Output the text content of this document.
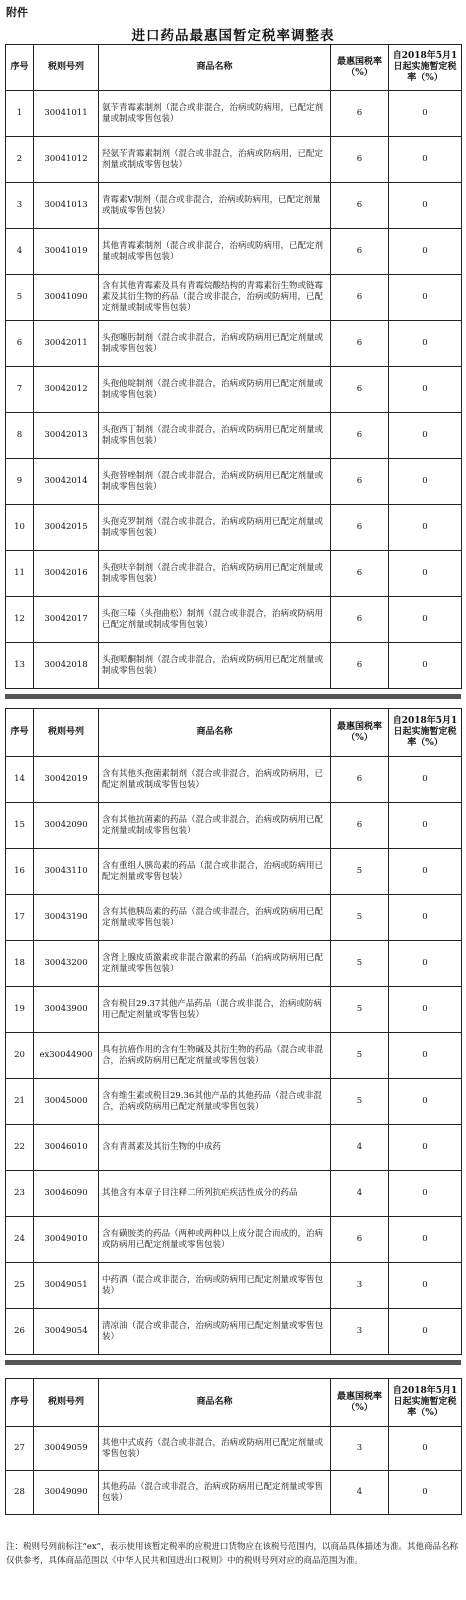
附件
进口药品最惠国暂定税率调整表
序号	税则号列	商品名称	最惠国税率（%）	自2018年5月1日起实施暂定税率（%）
1	30041011	氨苄青霉素制剂（混合或非混合，治病或防病用，已配定剂量或制成零售包装）	6	0
2	30041012	羟氨苄青霉素制剂（混合或非混合，治病或防病用，已配定剂量或制成零售包装）	6	0
3	30041013	青霉素V制剂（混合或非混合，治病或防病用，已配定剂量或制成零售包装）	6	0
4	30041019	其他青霉素制剂（混合或非混合，治病或防病用，已配定剂量或制成零售包装）	6	0
5	30041090	含有其他青霉素及具有青霉烷酸结构的青霉素衍生物或链霉素及其衍生物的药品（混合或非混合，治病或防病用，已配定剂量或制成零售包装）	6	0
6	30042011	头孢噻肟制剂（混合或非混合，治病或防病用已配定剂量或制成零售包装）	6	0
7	30042012	头孢他啶制剂（混合或非混合，治病或防病用已配定剂量或制成零售包装）	6	0
8	30042013	头孢西丁制剂（混合或非混合，治病或防病用已配定剂量或制成零售包装）	6	0
9	30042014	头孢替唑制剂（混合或非混合，治病或防病用已配定剂量或制成零售包装）	6	0
10	30042015	头孢克罗制剂（混合或非混合，治病或防病用已配定剂量或制成零售包装）	6	0
11	30042016	头孢呋辛制剂（混合或非混合，治病或防病用已配定剂量或制成零售包装）	6	0
12	30042017	头孢三嗪（头孢曲松）制剂（混合或非混合，治病或防病用已配定剂量或制成零售包装）	6	0
13	30042018	头孢哌酮制剂（混合或非混合，治病或防病用已配定剂量或制成零售包装）	6	0
序号	税则号列	商品名称	最惠国税率（%）	自2018年5月1日起实施暂定税率（%）
14	30042019	含有其他头孢菌素制剂（混合或非混合，治病或防病用，已配定剂量或制成零售包装）	6	0
15	30042090	含有其他抗菌素的药品（混合或非混合，治病或防病用已配定剂量或制成零售包装）	6	0
16	30043110	含有重组人胰岛素的药品（混合或非混合，治病或防病用已配定剂量或零售包装）	5	0
17	30043190	含有其他胰岛素的药品（混合或非混合，治病或防病用已配定剂量或零售包装）	5	0
18	30043200	含肾上腺皮质激素或非混合激素的药品（治病或防病用已配定剂量或零售包装）	5	0
19	30043900	含有税目29.37其他产品药品（混合或非混合，治病或防病用已配定剂量或零售包装）	5	0
20	ex30044900	具有抗癌作用的含有生物碱及其衍生物的药品（混合或非混合，治病或防病用已配定剂量或零售包装）	5	0
21	30045000	含有维生素或税目29.36其他产品的其他药品（混合或非混合，治病或防病用已配定剂量或零售包装）	5	0
22	30046010	含有青蒿素及其衍生物的中成药	4	0
23	30046090	其他含有本章子目注释二所列抗疟疾活性成分的药品	4	0
24	30049010	含有磺胺类的药品（两种或两种以上成分混合而成的，治病或防病用已配定剂量或零售包装）	6	0
25	30049051	中药酒（混合或非混合，治病或防病用已配定剂量或零售包装）	3	0
26	30049054	清凉油（混合或非混合，治病或防病用已配定剂量或零售包装）	3	0
序号	税则号列	商品名称	最惠国税率（%）	自2018年5月1日起实施暂定税率（%）
27	30049059	其他中式成药（混合或非混合，治病或防病用已配定剂量或零售包装）	3	0
28	30049090	其他药品（混合或非混合，治病或防病用已配定剂量或零售包装）	4	0
注：税则号列前标注“ex”，表示使用该暂定税率的应税进口货物应在该税号范围内，以商品具体描述为准。其他商品名称仅供参考，具体商品范围以《中华人民共和国进出口税则》中的税则号列对应的商品范围为准。
